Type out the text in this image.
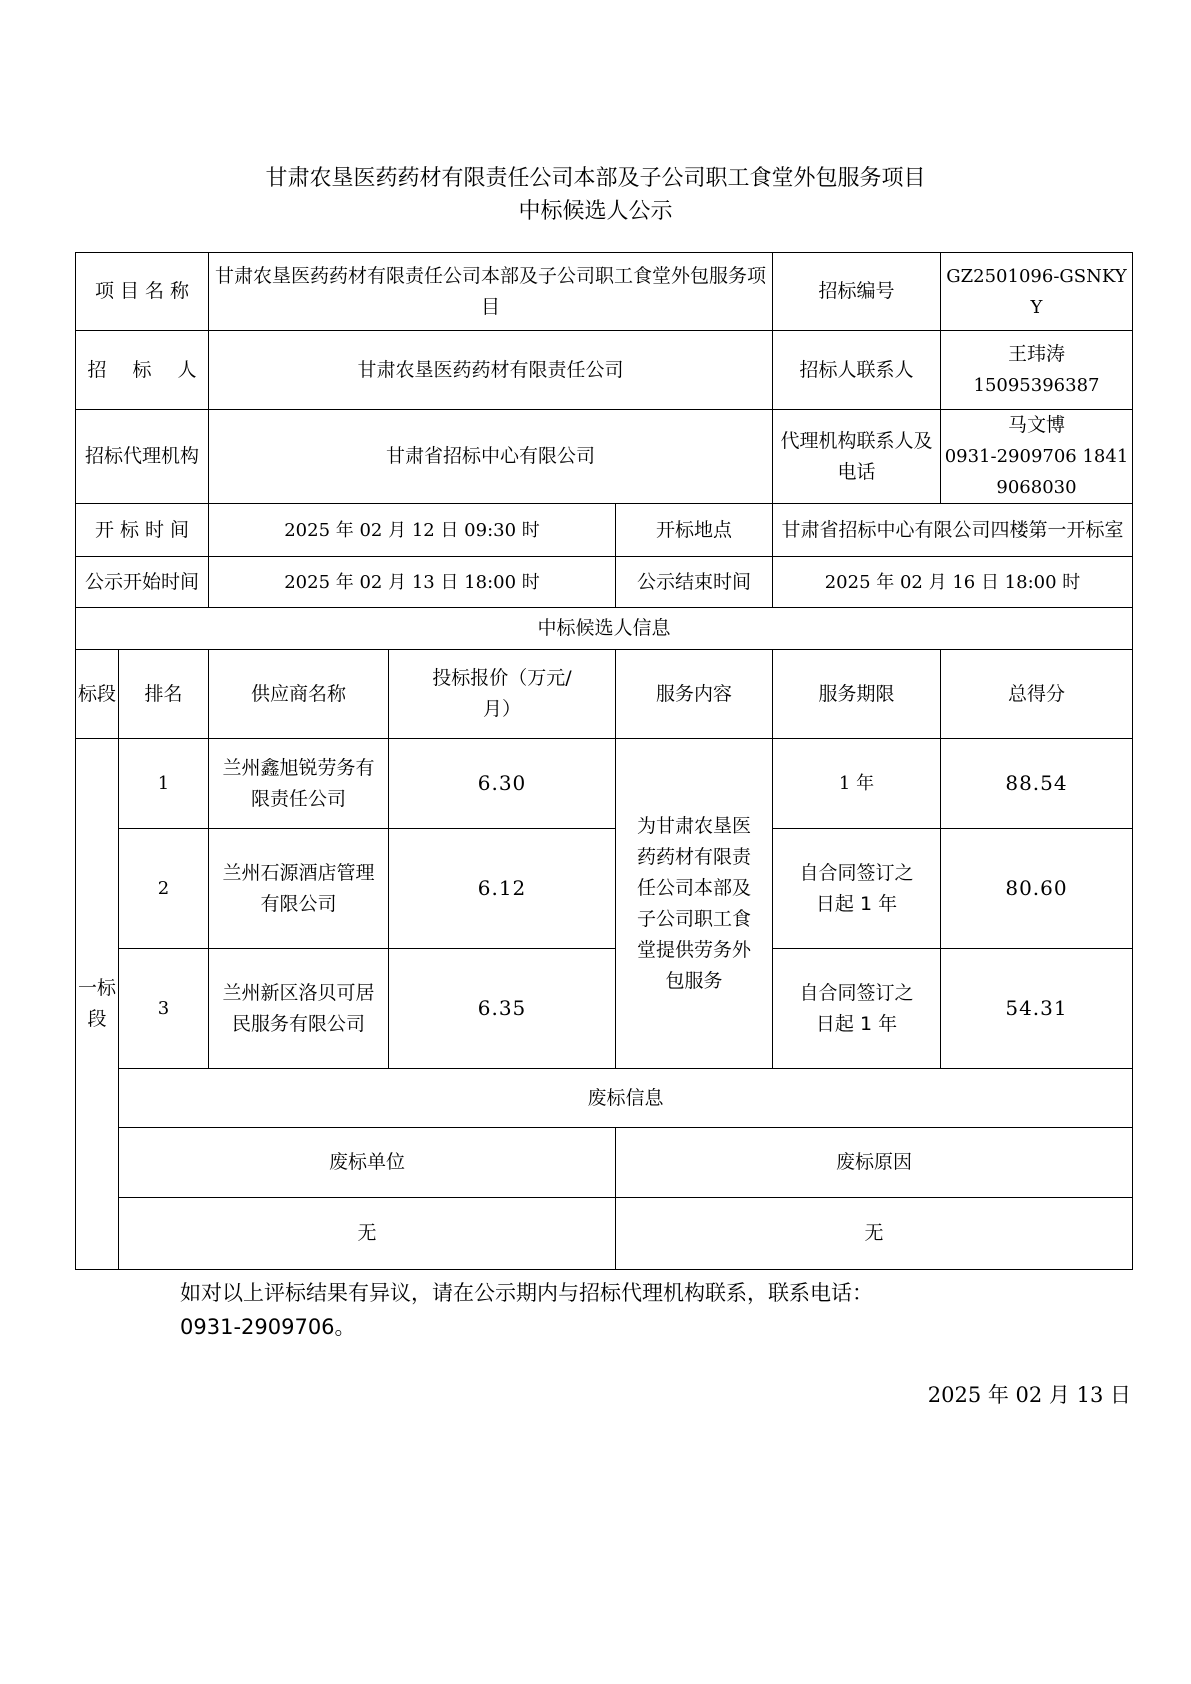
甘肃农垦医药药材有限责任公司本部及子公司职工食堂外包服务项目
中标候选人公示
项 目 名 称		甘肃农垦医药药材有限责任公司本部及子公司职工食堂外包服务项目			招标编号	GZ2501096-GSNKYY
招 标 人		甘肃农垦医药药材有限责任公司			招标人联系人	王玮涛
15095396387

招标代理机构		甘肃省招标中心有限公司			代理机构联系人及电话	马文博
0931-2909706 18419068030

开 标 时 间		2025 年 02 月 12 日 09:30 时		开标地点	甘肃省招标中心有限公司四楼第一开标室	
公示开始时间		2025 年 02 月 13 日 18:00 时		公示结束时间	2025 年 02 月 16 日 18:00 时	
中标候选人信息						
标段	排名	供应商名称	投标报价（万元/月）	服务内容	服务期限	总得分
一标段	1	兰州鑫旭锐劳务有限责任公司	6.30	为甘肃农垦医药药材有限责任公司本部及子公司职工食堂提供劳务外包服务	1 年	88.54
	2	兰州石源酒店管理有限公司	6.12		自合同签订之日起 1 年	80.60
	3	兰州新区洛贝可居民服务有限公司	6.35		自合同签订之日起 1 年	54.31
	废标信息					
	废标单位			废标原因		
	无			无		
如对以上评标结果有异议，请在公示期内与招标代理机构联系，联系电话：
0931-2909706。
2025 年 02 月 13 日
